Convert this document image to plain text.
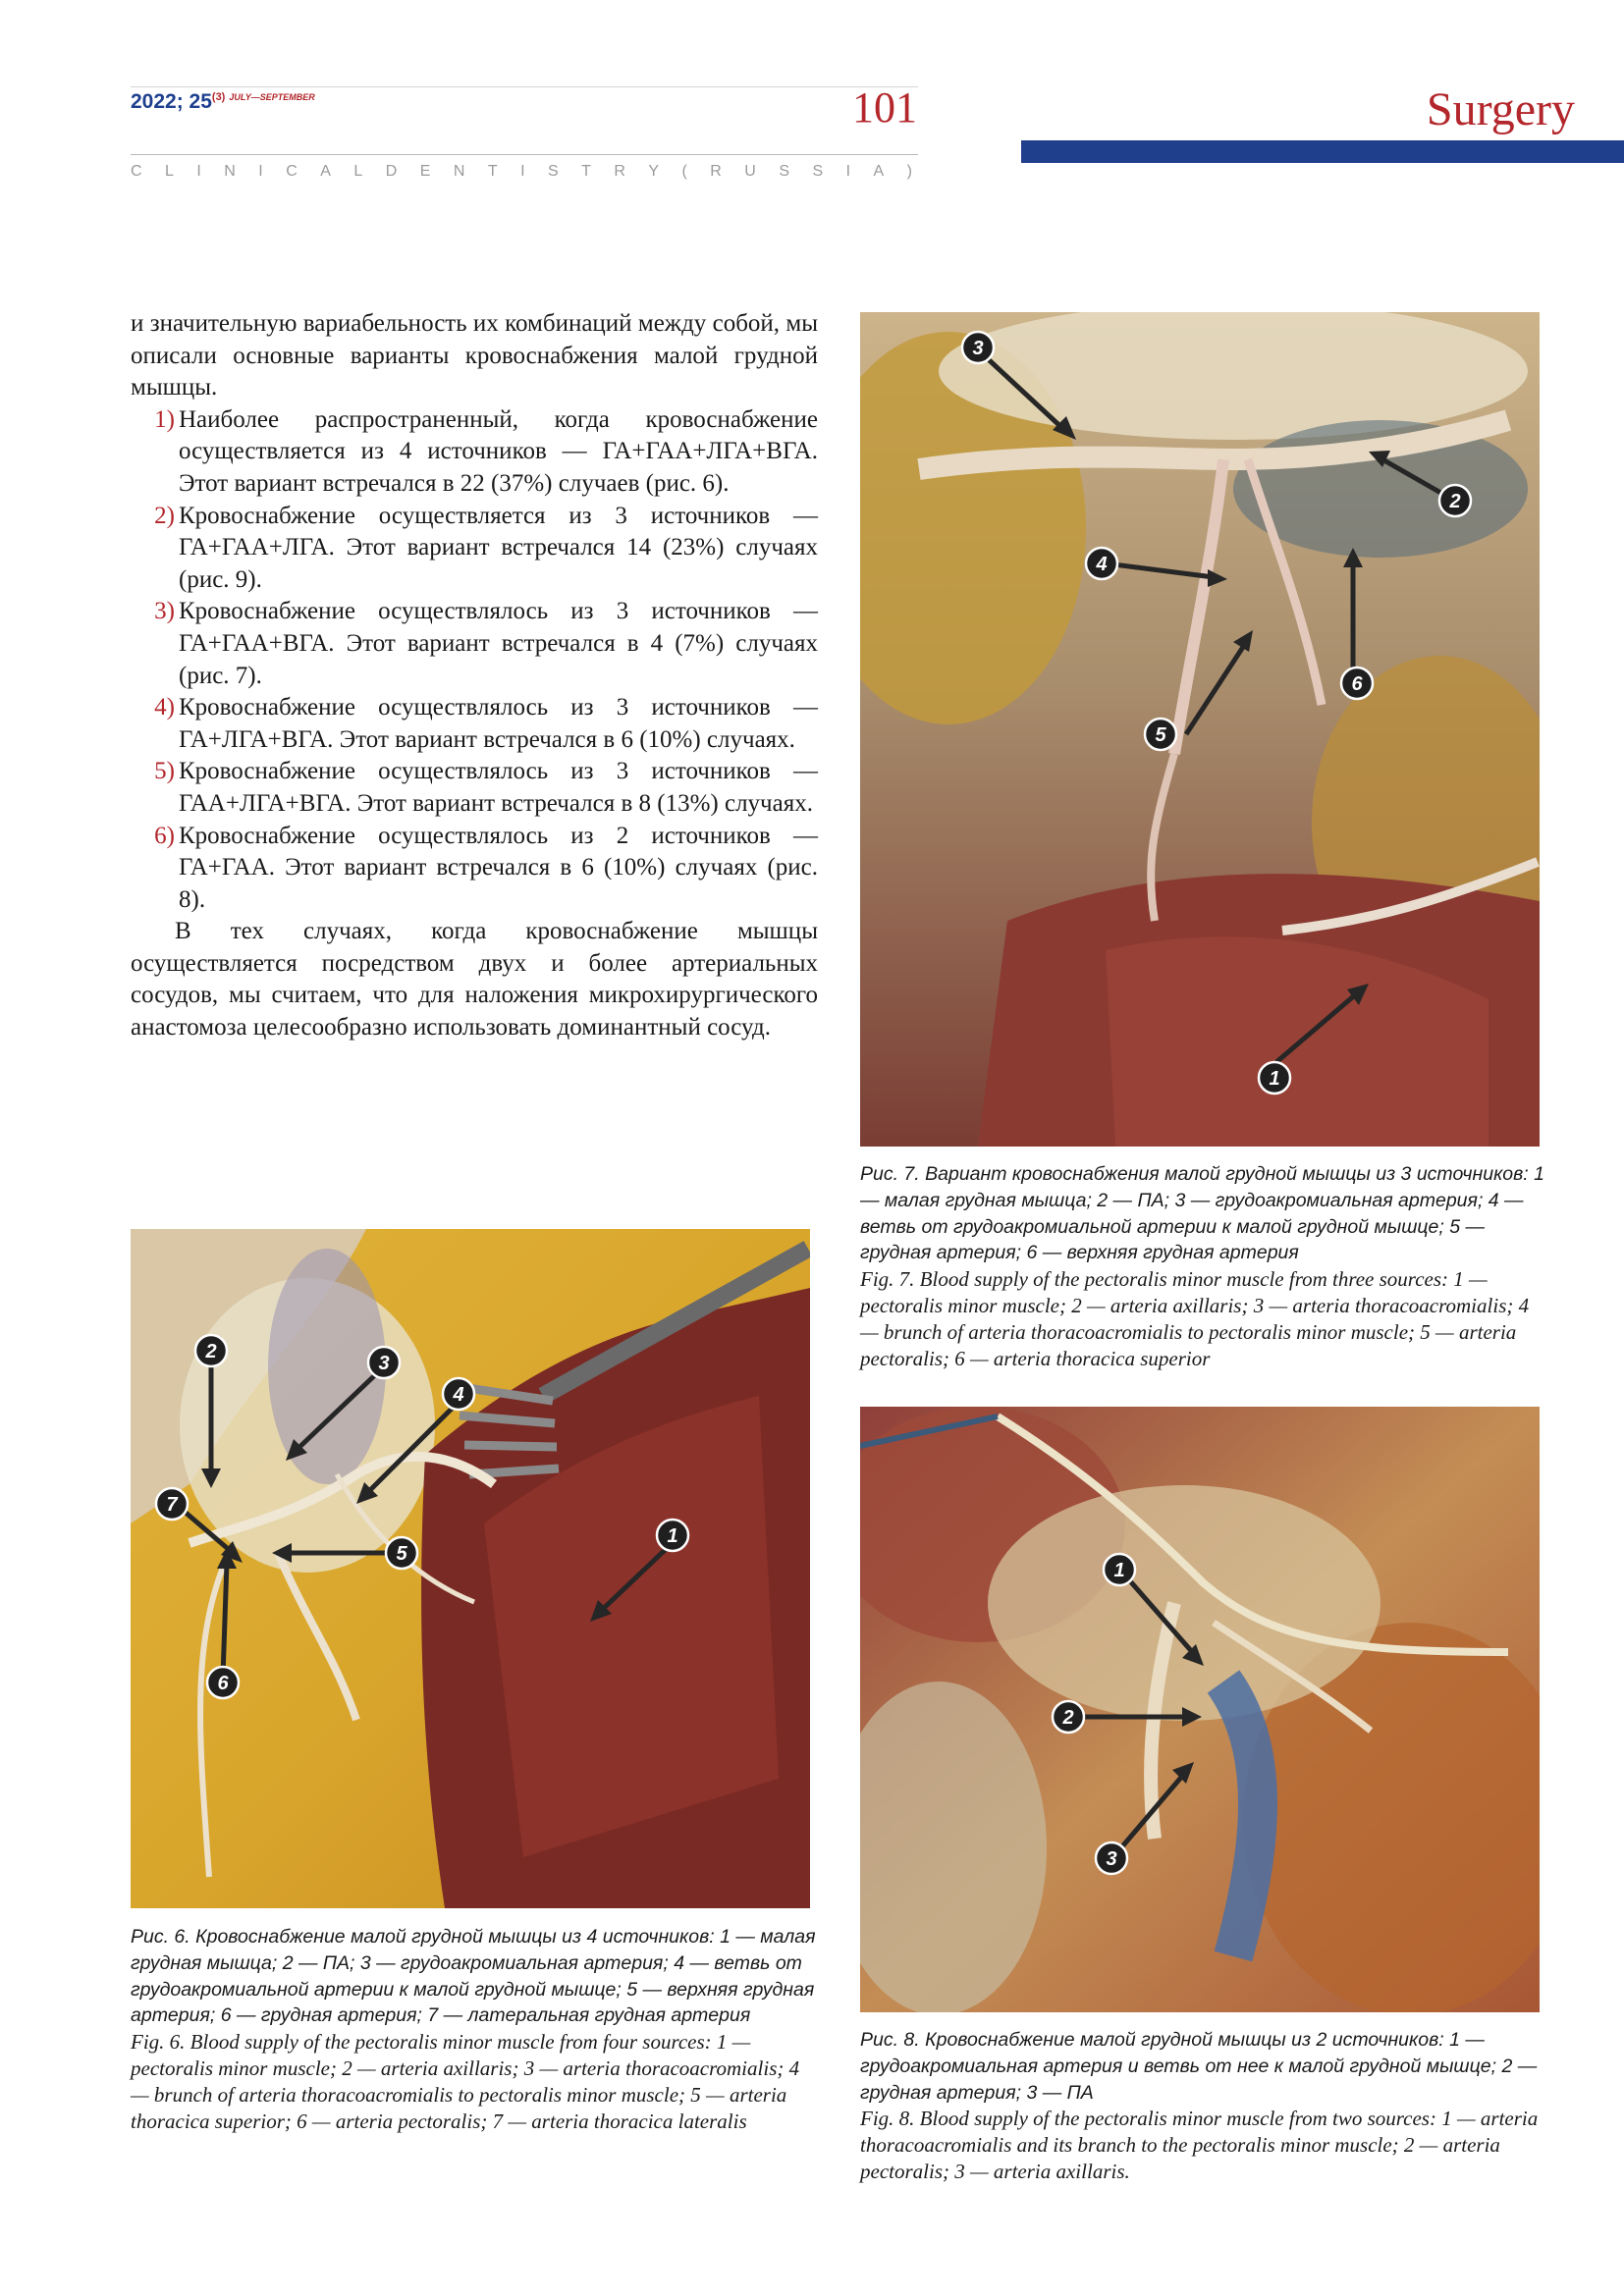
2022; 25$^{(3)}$ $^{JULY—SEPTEMBER}$	101	Surgery
C L I N I C A L D E N T I S T R Y ( R U S S I A )

и значительную вариабельность их комбинаций между собой, мы описали основные варианты кровоснабжения малой грудной мышцы.

1) Наиболее распространенный, когда кровоснабжение осуществляется из 4 источников — ГА+ГАА+ЛГА+ВГА. Этот вариант встречался в 22 (37%) случаев (рис. 6).
2) Кровоснабжение осуществляется из 3 источников — ГА+ГАА+ЛГА. Этот вариант встречался 14 (23%) случаях (рис. 9).
3) Кровоснабжение осуществлялось из 3 источников — ГА+ГАА+ВГА. Этот вариант встречался в 4 (7%) случаях (рис. 7).
4) Кровоснабжение осуществлялось из 3 источников — ГА+ЛГА+ВГА. Этот вариант встречался в 6 (10%) случаях.
5) Кровоснабжение осуществлялось из 3 источников — ГАА+ЛГА+ВГА. Этот вариант встречался в 8 (13%) случаях.
6) Кровоснабжение осуществлялось из 2 источников — ГА+ГАА. Этот вариант встречался в 6 (10%) случаях (рис. 8).

В тех случаях, когда кровоснабжение мышцы осуществляется посредством двух и более артериальных сосудов, мы считаем, что для наложения микрохирургического анастомоза целесообразно использовать доминантный сосуд.

1
2
3
4
5
6
Рис. 7. Вариант кровоснабжения малой грудной мышцы из 3 источников: 1 — малая грудная мышца; 2 — ПА; 3 — грудоакромиальная артерия; 4 — ветвь от грудоакромиальной артерии к малой грудной мышце; 5 — грудная артерия; 6 — верхняя грудная артерия
Fig. 7. Blood supply of the pectoralis minor muscle from three sources: 1 — pectoralis minor muscle; 2 — arteria axillaris; 3 — arteria thoracoacromialis; 4 — brunch of arteria thoracoacromialis to pectoralis minor muscle; 5 — arteria pectoralis; 6 — arteria thoracica superior
1
2
3
4
5
6
7
Рис. 6. Кровоснабжение малой грудной мышцы из 4 источников: 1 — малая грудная мышца; 2 — ПА; 3 — грудоакромиальная артерия; 4 — ветвь от грудоакромиальной артерии к малой грудной мышце; 5 — верхняя грудная артерия; 6 — грудная артерия; 7 — латеральная грудная артерия
Fig. 6. Blood supply of the pectoralis minor muscle from four sources: 1 — pectoralis minor muscle; 2 — arteria axillaris; 3 — arteria thoracoacromialis; 4 — brunch of arteria thoracoacromialis to pectoralis minor muscle; 5 — arteria thoracica superior; 6 — arteria pectoralis; 7 — arteria thoracica lateralis
1
2
3
Рис. 8. Кровоснабжение малой грудной мышцы из 2 источников: 1 — грудоакромиальная артерия и ветвь от нее к малой грудной мышце; 2 — грудная артерия; 3 — ПА
Fig. 8. Blood supply of the pectoralis minor muscle from two sources: 1 — arteria thoracoacromialis and its branch to the pectoralis minor muscle; 2 — arteria pectoralis; 3 — arteria axillaris.
